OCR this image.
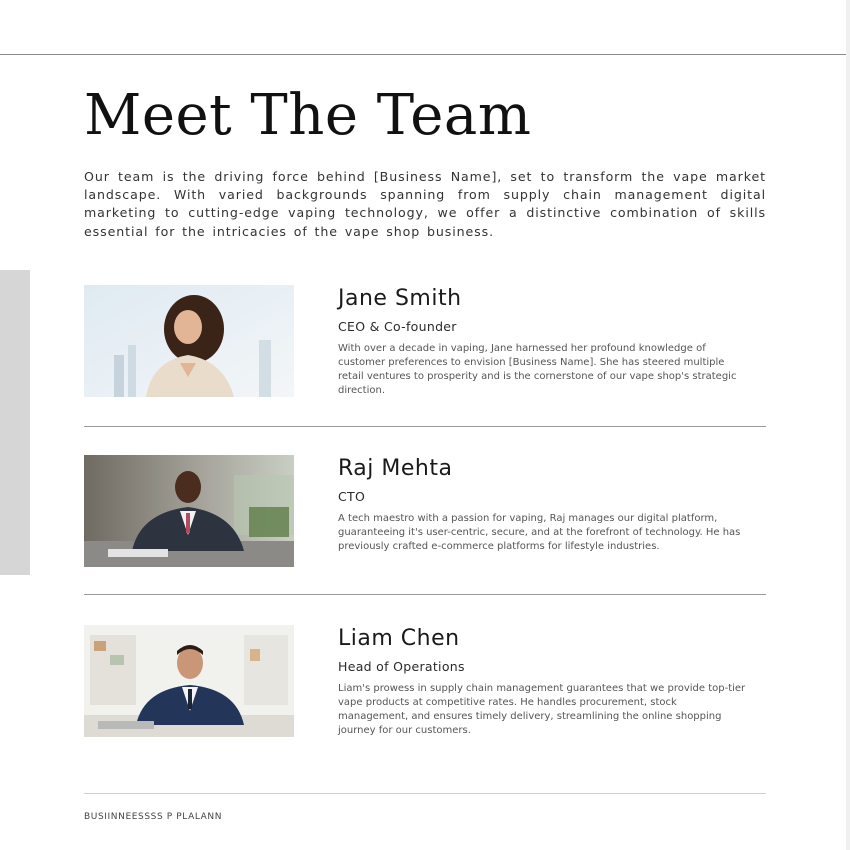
Meet The Team

Our team is the driving force behind [Business Name], set to transform the vape market landscape. With varied backgrounds spanning from supply chain management digital marketing to cutting-edge vaping technology, we offer a distinctive combination of skills essential for the intricacies of the vape shop business.

Jane Smith
CEO & Co-founder

With over a decade in vaping, Jane harnessed her profound knowledge of customer preferences to envision [Business Name]. She has steered multiple retail ventures to prosperity and is the cornerstone of our vape shop's strategic direction.

Raj Mehta
CTO

A tech maestro with a passion for vaping, Raj manages our digital platform, guaranteeing it's user-centric, secure, and at the forefront of technology. He has previously crafted e-commerce platforms for lifestyle industries.

Liam Chen
Head of Operations

Liam's prowess in supply chain management guarantees that we provide top-tier vape products at competitive rates. He handles procurement, stock management, and ensures timely delivery, streamlining the online shopping journey for our customers.

BUSIINNEESSSS P PLALANN
